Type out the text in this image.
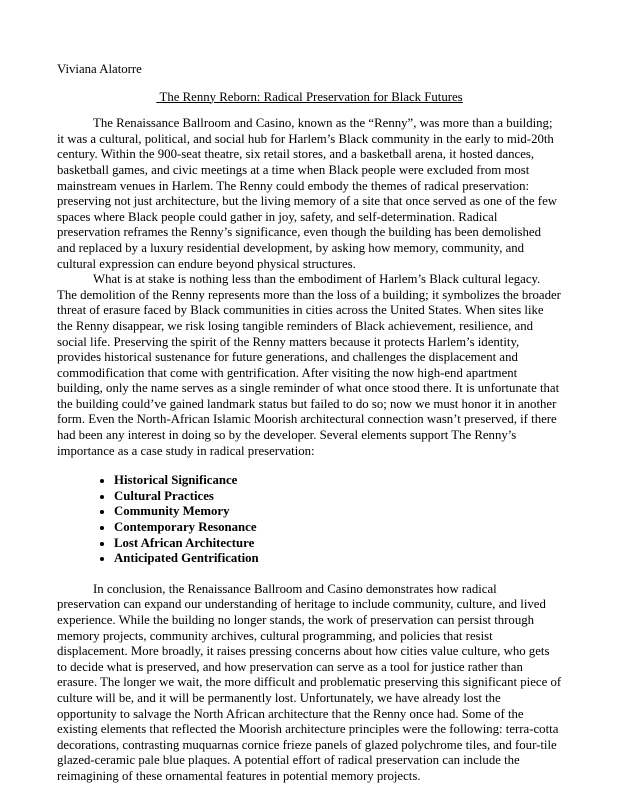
Viviana Alatorre
The Renny Reborn: Radical Preservation for Black Futures

The Renaissance Ballroom and Casino, known as the “Renny”, was more than a building; it was a cultural, political, and social hub for Harlem’s Black community in the early to mid-20th century. Within the 900-seat theatre, six retail stores, and a basketball arena, it hosted dances, basketball games, and civic meetings at a time when Black people were excluded from most mainstream venues in Harlem. The Renny could embody the themes of radical preservation: preserving not just architecture, but the living memory of a site that once served as one of the few spaces where Black people could gather in joy, safety, and self-determination. Radical preservation reframes the Renny’s significance, even though the building has been demolished and replaced by a luxury residential development, by asking how memory, community, and cultural expression can endure beyond physical structures.

What is at stake is nothing less than the embodiment of Harlem’s Black cultural legacy. The demolition of the Renny represents more than the loss of a building; it symbolizes the broader threat of erasure faced by Black communities in cities across the United States. When sites like the Renny disappear, we risk losing tangible reminders of Black achievement, resilience, and social life. Preserving the spirit of the Renny matters because it protects Harlem’s identity, provides historical sustenance for future generations, and challenges the displacement and commodification that come with gentrification. After visiting the now high-end apartment building, only the name serves as a single reminder of what once stood there. It is unfortunate that the building could’ve gained landmark status but failed to do so; now we must honor it in another form. Even the North-African Islamic Moorish architectural connection wasn’t preserved, if there had been any interest in doing so by the developer. Several elements support The Renny’s importance as a case study in radical preservation:

• Historical Significance
• Cultural Practices
• Community Memory
• Contemporary Resonance
• Lost African Architecture
• Anticipated Gentrification

In conclusion, the Renaissance Ballroom and Casino demonstrates how radical preservation can expand our understanding of heritage to include community, culture, and lived experience. While the building no longer stands, the work of preservation can persist through memory projects, community archives, cultural programming, and policies that resist displacement. More broadly, it raises pressing concerns about how cities value culture, who gets to decide what is preserved, and how preservation can serve as a tool for justice rather than erasure. The longer we wait, the more difficult and problematic preserving this significant piece of culture will be, and it will be permanently lost. Unfortunately, we have already lost the opportunity to salvage the North African architecture that the Renny once had. Some of the existing elements that reflected the Moorish architecture principles were the following: terra-cotta decorations, contrasting muquarnas cornice frieze panels of glazed polychrome tiles, and four-tile glazed-ceramic pale blue plaques. A potential effort of radical preservation can include the reimagining of these ornamental features in potential memory projects.
